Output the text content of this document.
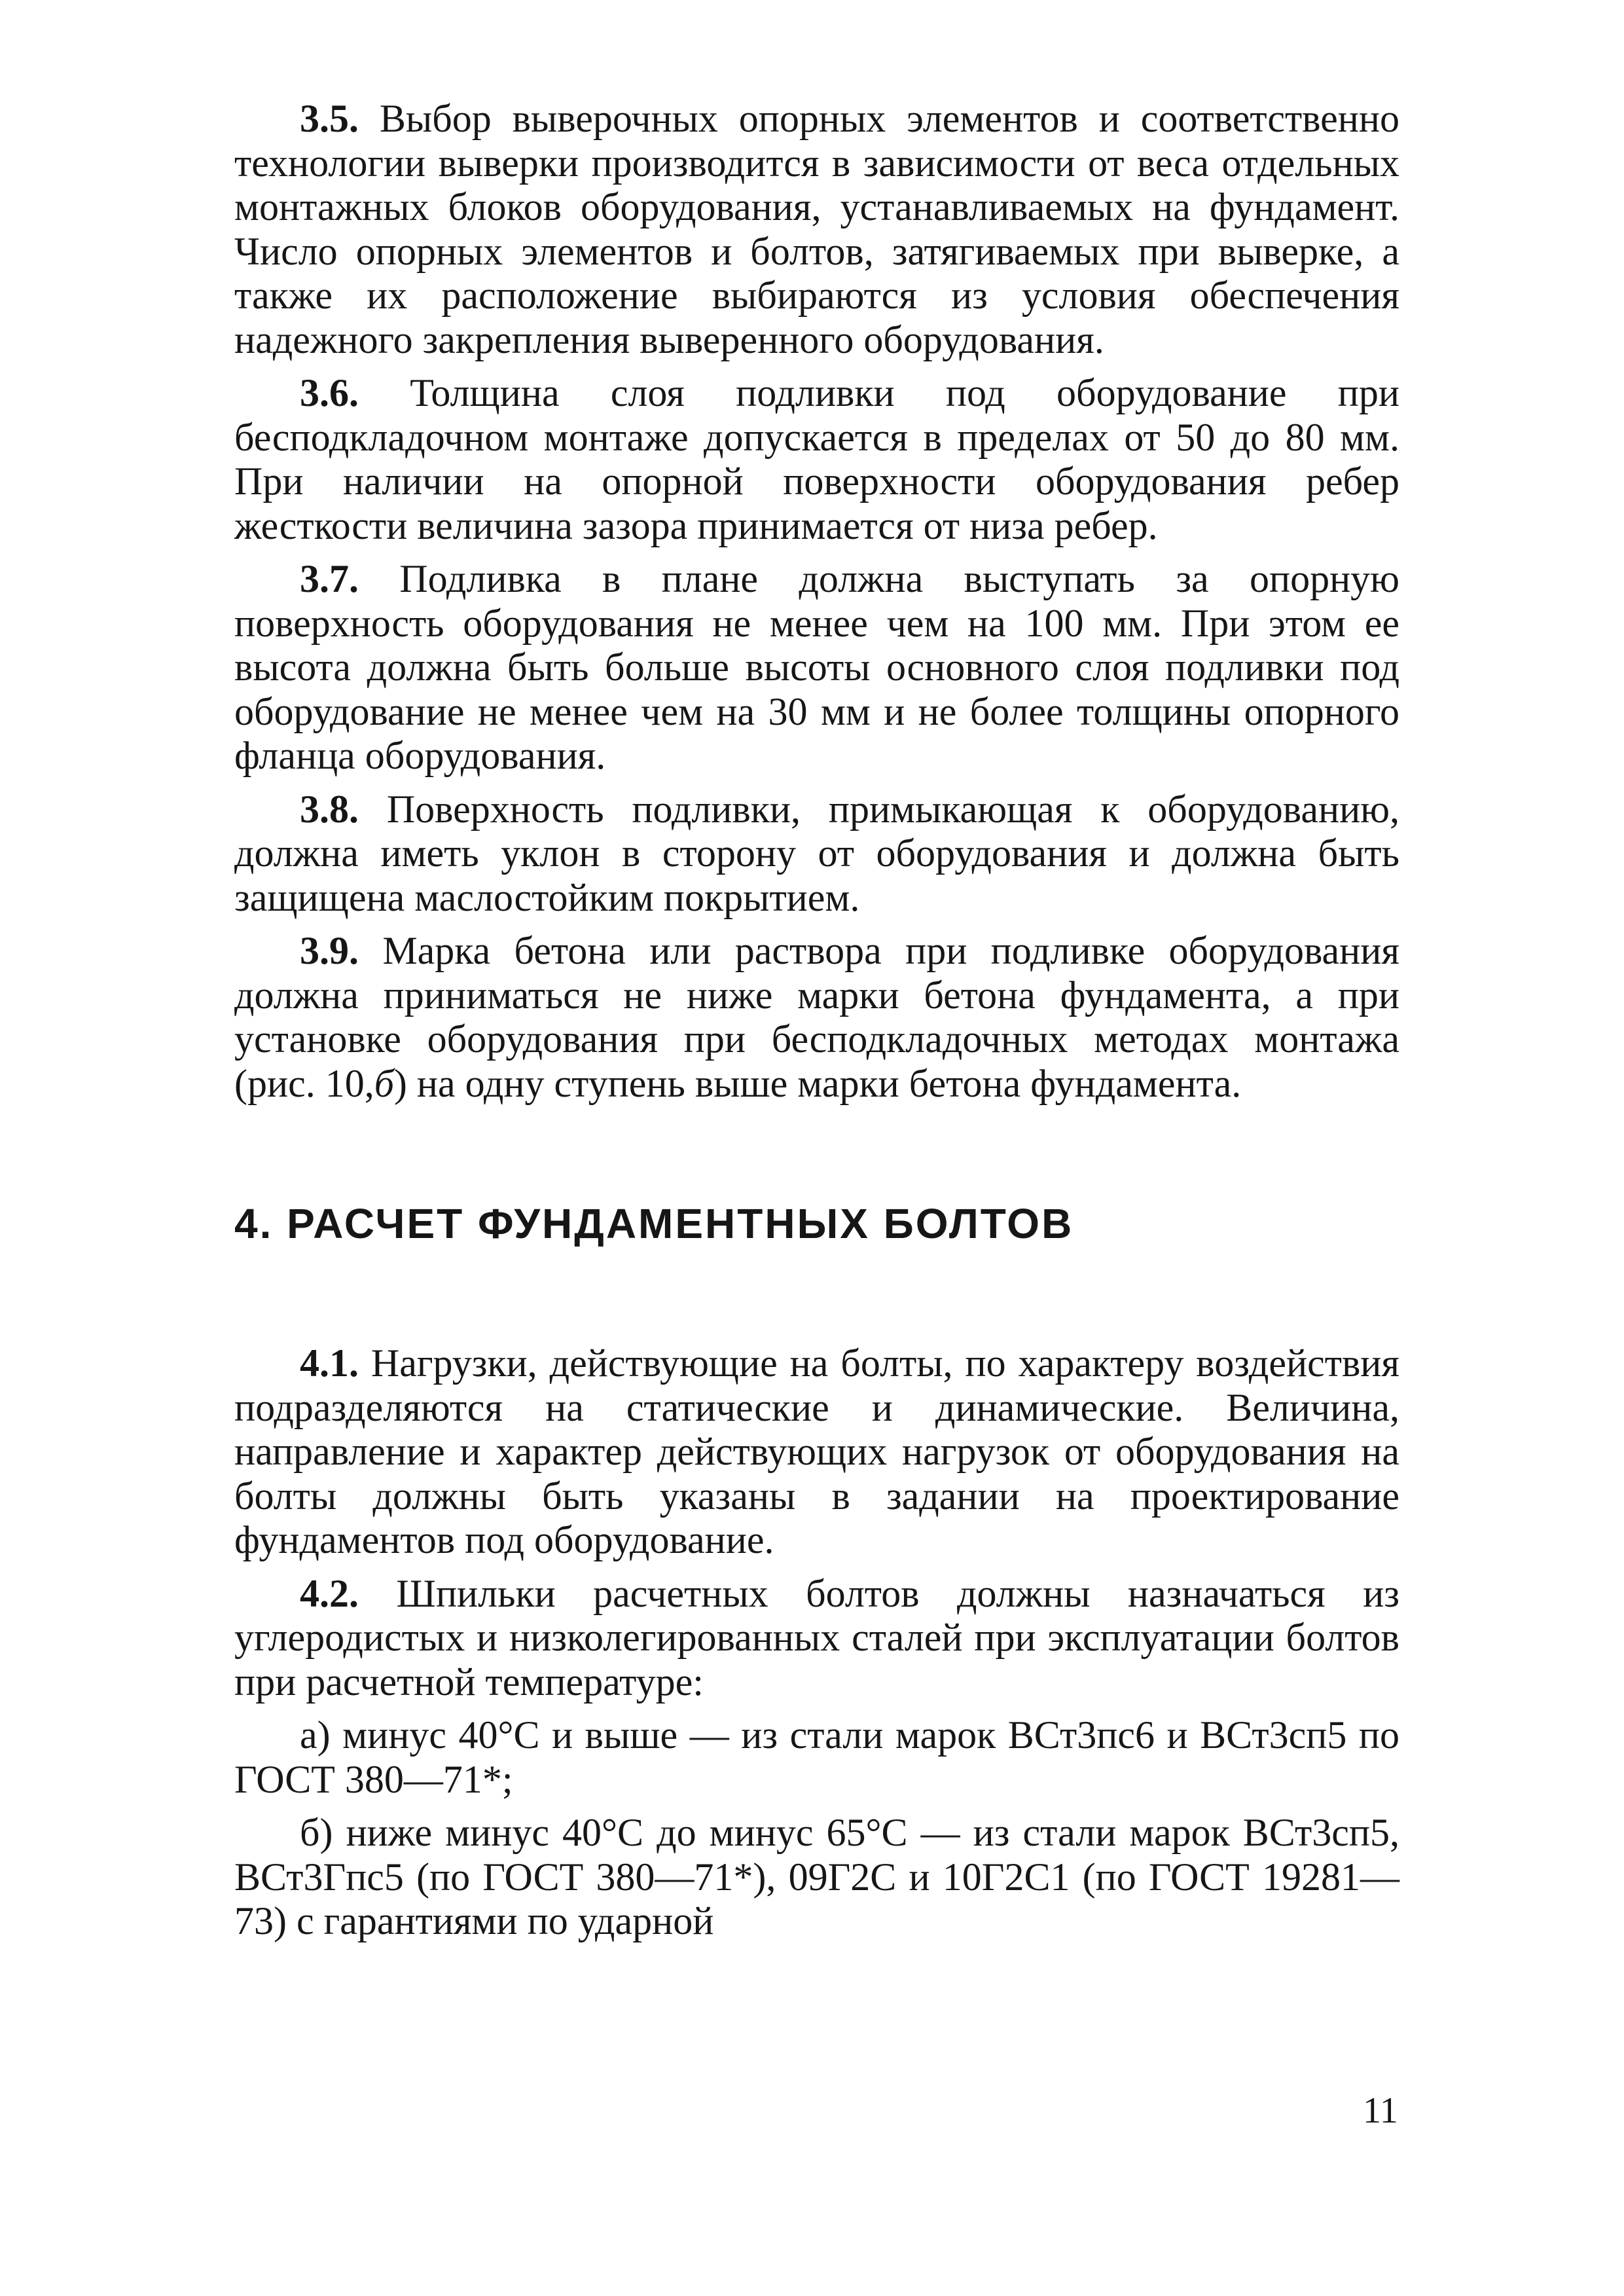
3.5. Выбор выверочных опорных элементов и соответственно технологии выверки производится в зависимости от веса отдельных монтажных блоков оборудования, устанавливаемых на фундамент. Число опорных элементов и болтов, затягиваемых при выверке, а также их расположение выбираются из условия обеспечения надежного закрепления выверенного оборудования.

3.6. Толщина слоя подливки под оборудование при бесподкладочном монтаже допускается в пределах от 50 до 80 мм. При наличии на опорной поверхности оборудования ребер жесткости величина зазора принимается от низа ребер.

3.7. Подливка в плане должна выступать за опорную поверхность оборудования не менее чем на 100 мм. При этом ее высота должна быть больше высоты основного слоя подливки под оборудование не менее чем на 30 мм и не более толщины опорного фланца оборудования.

3.8. Поверхность подливки, примыкающая к оборудованию, должна иметь уклон в сторону от оборудования и должна быть защищена маслостойким покрытием.

3.9. Марка бетона или раствора при подливке оборудования должна приниматься не ниже марки бетона фундамента, а при установке оборудования при бесподкладочных методах монтажа (рис. 10,б) на одну ступень выше марки бетона фундамента.

4. РАСЧЕТ ФУНДАМЕНТНЫХ БОЛТОВ

4.1. Нагрузки, действующие на болты, по характеру воздействия подразделяются на статические и динамические. Величина, направление и характер действующих нагрузок от оборудования на болты должны быть указаны в задании на проектирование фундаментов под оборудование.

4.2. Шпильки расчетных болтов должны назначаться из углеродистых и низколегированных сталей при эксплуатации болтов при расчетной температуре:

а) минус 40°С и выше — из стали марок ВСт3пс6 и ВСт3сп5 по ГОСТ 380—71*;

б) ниже минус 40°С до минус 65°С — из стали марок ВСт3сп5, ВСт3Гпс5 (по ГОСТ 380—71*), 09Г2С и 10Г2С1 (по ГОСТ 19281—73) с гарантиями по ударной

11
